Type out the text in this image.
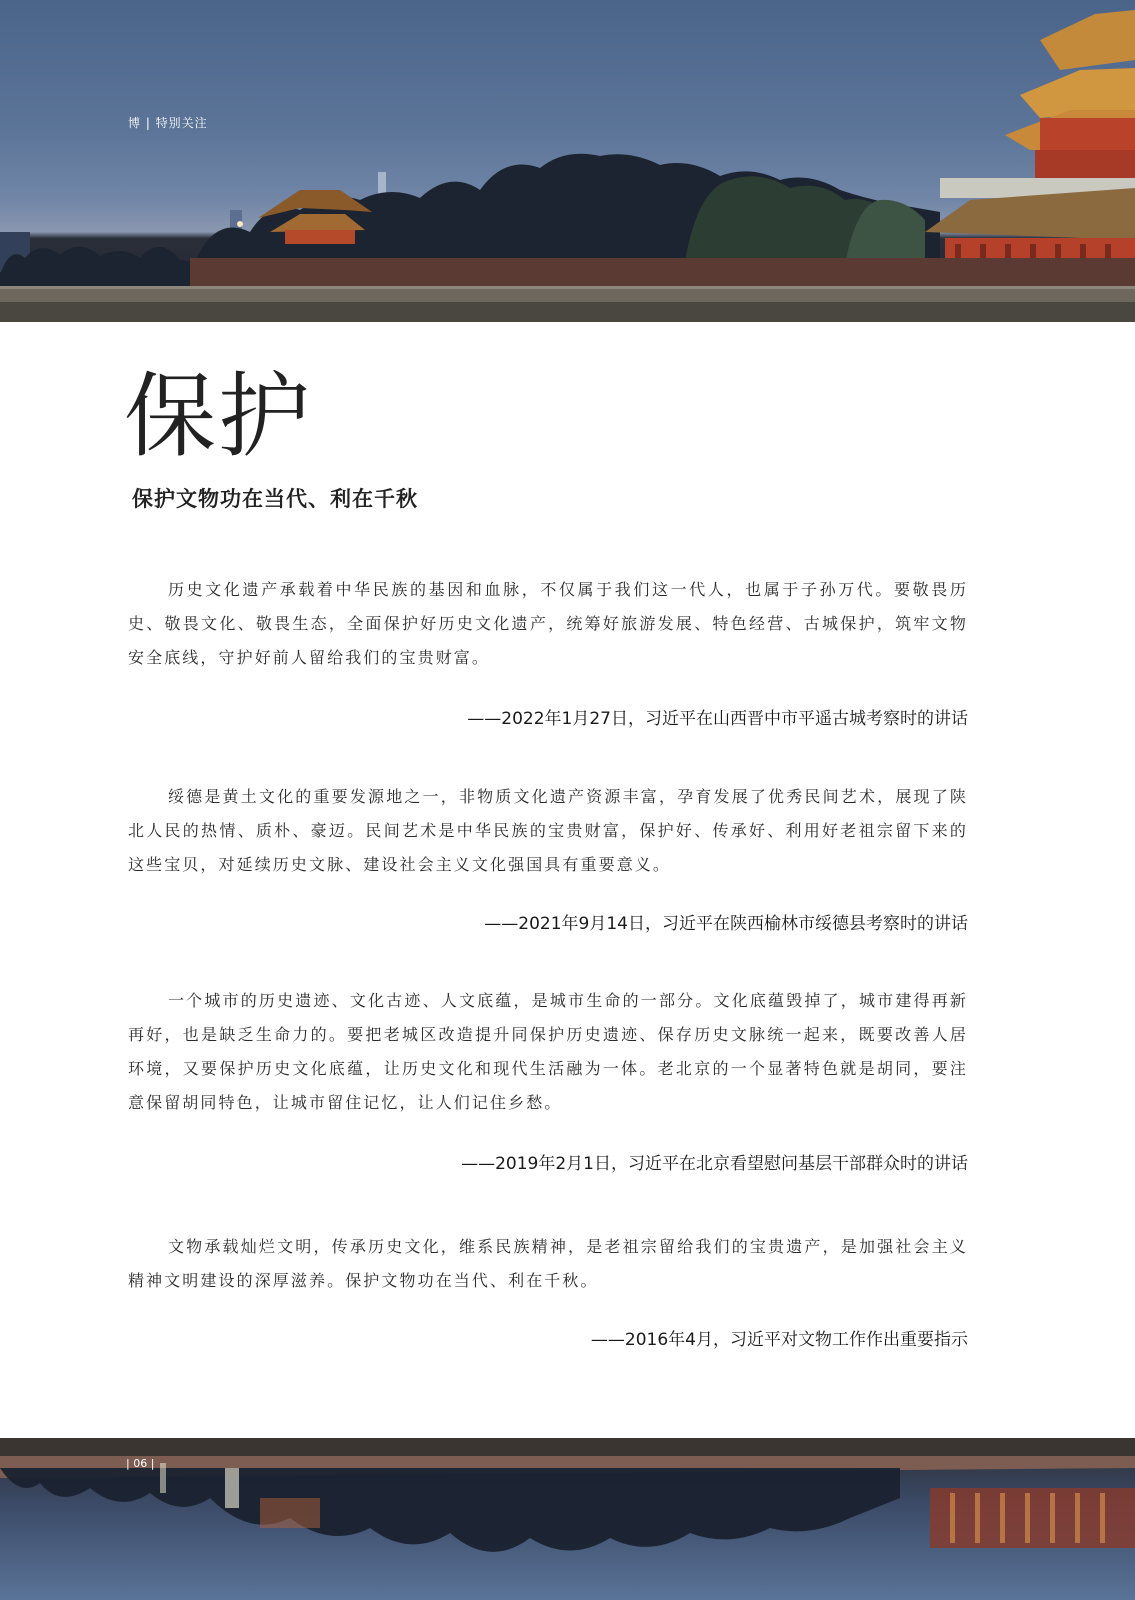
博 | 特别关注
保护
保护文物功在当代、利在千秋

历史文化遗产承载着中华民族的基因和血脉，不仅属于我们这一代人，也属于子孙万代。要敬畏历史、敬畏文化、敬畏生态，全面保护好历史文化遗产，统筹好旅游发展、特色经营、古城保护，筑牢文物安全底线，守护好前人留给我们的宝贵财富。

——2022年1月27日，习近平在山西晋中市平遥古城考察时的讲话

绥德是黄土文化的重要发源地之一，非物质文化遗产资源丰富，孕育发展了优秀民间艺术，展现了陕北人民的热情、质朴、豪迈。民间艺术是中华民族的宝贵财富，保护好、传承好、利用好老祖宗留下来的这些宝贝，对延续历史文脉、建设社会主义文化强国具有重要意义。

——2021年9月14日，习近平在陕西榆林市绥德县考察时的讲话

一个城市的历史遗迹、文化古迹、人文底蕴，是城市生命的一部分。文化底蕴毁掉了，城市建得再新再好，也是缺乏生命力的。要把老城区改造提升同保护历史遗迹、保存历史文脉统一起来，既要改善人居环境，又要保护历史文化底蕴，让历史文化和现代生活融为一体。老北京的一个显著特色就是胡同，要注意保留胡同特色，让城市留住记忆，让人们记住乡愁。

——2019年2月1日，习近平在北京看望慰问基层干部群众时的讲话

文物承载灿烂文明，传承历史文化，维系民族精神，是老祖宗留给我们的宝贵遗产，是加强社会主义精神文明建设的深厚滋养。保护文物功在当代、利在千秋。

——2016年4月，习近平对文物工作作出重要指示

| 06 |
